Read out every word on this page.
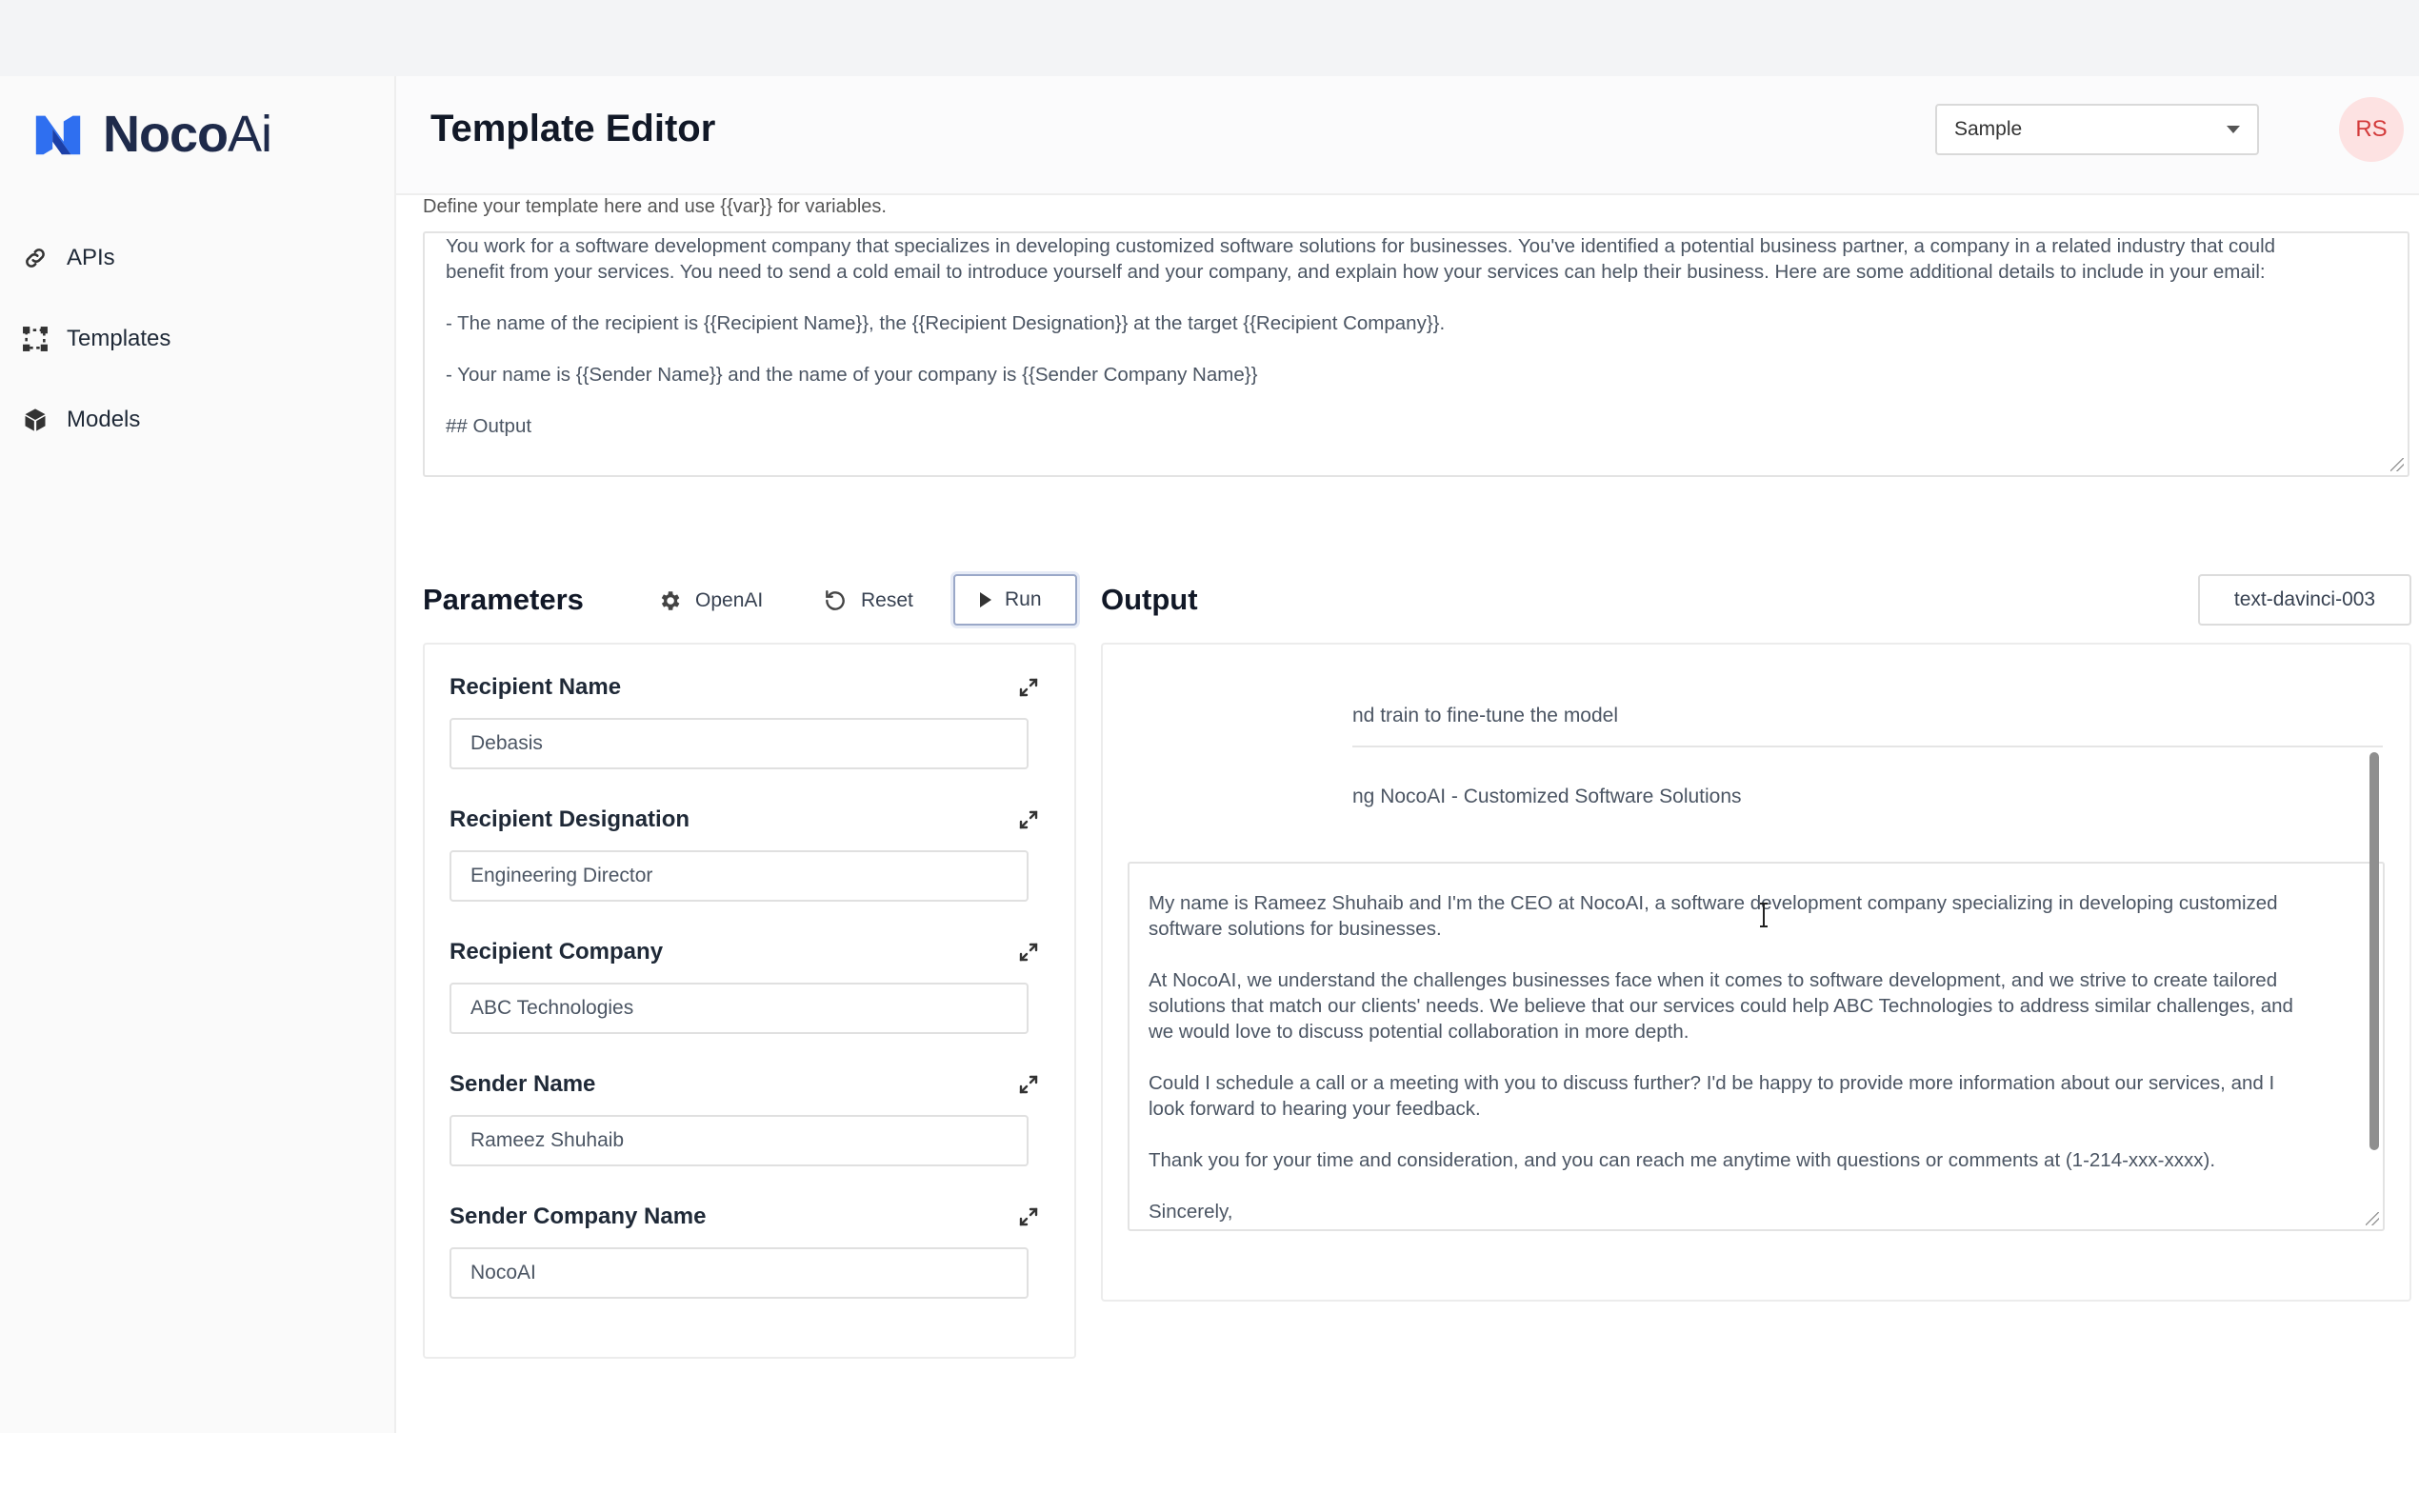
NocoAi
APIs
Templates
Models
Template Editor	Sample	RS
Define your template here and use {{var}} for variables.

You work for a software development company that specializes in developing customized software solutions for businesses. You've identified a potential business partner, a company in a related industry that could

benefit from your services. You need to send a cold email to introduce yourself and your company, and explain how your services can help their business. Here are some additional details to include in your email:

- The name of the recipient is {{Recipient Name}}, the {{Recipient Designation}} at the target {{Recipient Company}}.

- Your name is {{Sender Name}} and the name of your company is {{Sender Company Name}}

## Output

Parameters	OpenAI	Reset	Run
Recipient Name
Debasis
Recipient Designation
Engineering Director
Recipient Company
ABC Technologies
Sender Name
Rameez Shuhaib
Sender Company Name
NocoAI
Output	text-davinci-003
nd train to fine-tune the model
ng NocoAI - Customized Software Solutions

My name is Rameez Shuhaib and I'm the CEO at NocoAI, a software development company specializing in developing customized

software solutions for businesses.

At NocoAI, we understand the challenges businesses face when it comes to software development, and we strive to create tailored

solutions that match our clients' needs. We believe that our services could help ABC Technologies to address similar challenges, and

we would love to discuss potential collaboration in more depth.

Could I schedule a call or a meeting with you to discuss further? I'd be happy to provide more information about our services, and I

look forward to hearing your feedback.

Thank you for your time and consideration, and you can reach me anytime with questions or comments at (1-214-xxx-xxxx).

Sincerely,
